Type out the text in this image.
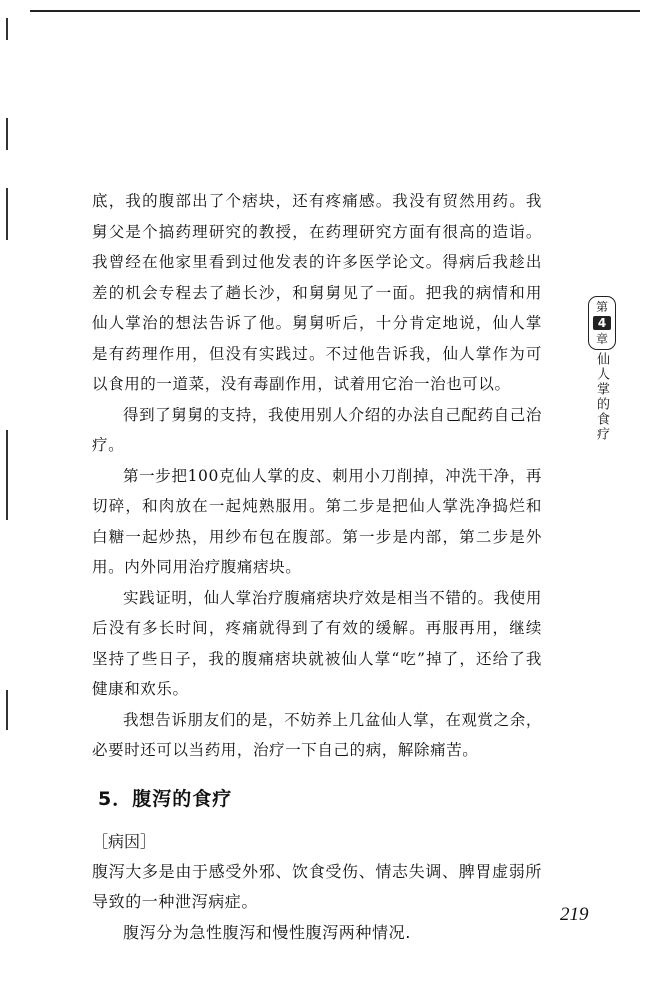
底，我的腹部出了个痞块，还有疼痛感。我没有贸然用药。我舅父是个搞药理研究的教授，在药理研究方面有很高的造诣。我曾经在他家里看到过他发表的许多医学论文。得病后我趁出差的机会专程去了趟长沙，和舅舅见了一面。把我的病情和用仙人掌治的想法告诉了他。舅舅听后，十分肯定地说，仙人掌是有药理作用，但没有实践过。不过他告诉我，仙人掌作为可以食用的一道菜，没有毒副作用，试着用它治一治也可以。

得到了舅舅的支持，我使用别人介绍的办法自己配药自己治疗。

第一步把100克仙人掌的皮、刺用小刀削掉，冲洗干净，再切碎，和肉放在一起炖熟服用。第二步是把仙人掌洗净捣烂和白糖一起炒热，用纱布包在腹部。第一步是内部，第二步是外用。内外同用治疗腹痛痞块。

实践证明，仙人掌治疗腹痛痞块疗效是相当不错的。我使用后没有多长时间，疼痛就得到了有效的缓解。再服再用，继续坚持了些日子，我的腹痛痞块就被仙人掌“吃”掉了，还给了我健康和欢乐。

我想告诉朋友们的是，不妨养上几盆仙人掌，在观赏之余，必要时还可以当药用，治疗一下自己的病，解除痛苦。

5．腹泻的食疗

［病因］

腹泻大多是由于感受外邪、饮食受伤、情志失调、脾胃虚弱所导致的一种泄泻病症。

腹泻分为急性腹泻和慢性腹泻两种情况.

第
4
章
仙人掌的食疗
219
